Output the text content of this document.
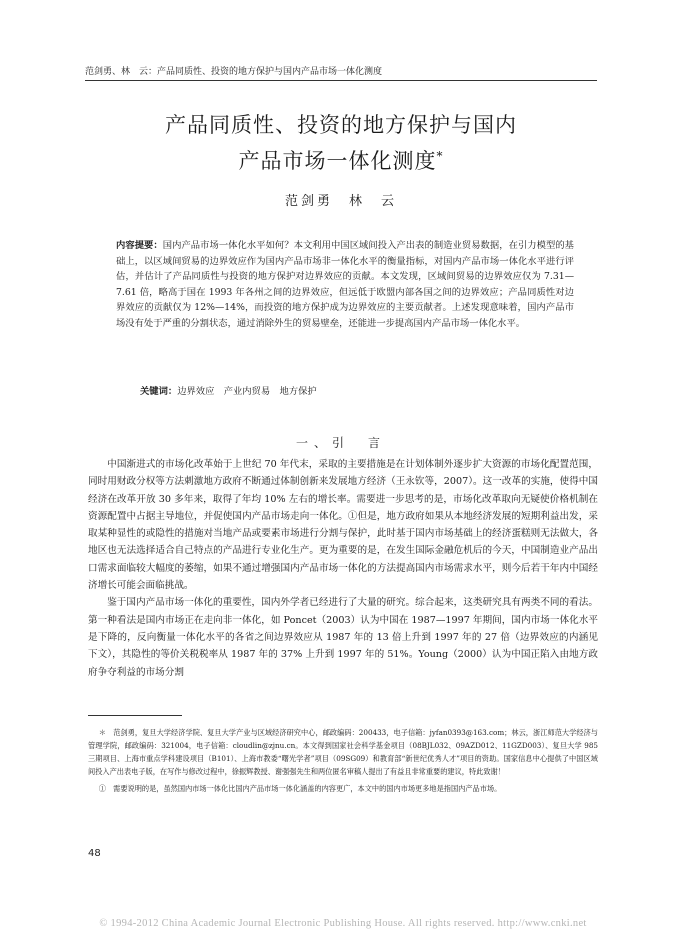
范剑勇、林　云：产品同质性、投资的地方保护与国内产品市场一体化测度
产品同质性、投资的地方保护与国内
产品市场一体化测度*
范剑勇　林　云
内容提要：国内产品市场一体化水平如何？本文利用中国区域间投入产出表的制造业贸易数据，在引力模型的基础上，以区域间贸易的边界效应作为国内产品市场非一体化水平的衡量指标，对国内产品市场一体化水平进行评估，并估计了产品同质性与投资的地方保护对边界效应的贡献。本文发现，区域间贸易的边界效应仅为 7.31—7.61 倍，略高于国在 1993 年各州之间的边界效应，但远低于欧盟内部各国之间的边界效应；产品同质性对边界效应的贡献仅为 12%—14%，而投资的地方保护成为边界效应的主要贡献者。上述发现意味着，国内产品市场没有处于严重的分割状态，通过消除外生的贸易壁垒，还能进一步提高国内产品市场一体化水平。
关键词：边界效应　产业内贸易　地方保护
一、引　言

中国渐进式的市场化改革始于上世纪 70 年代末，采取的主要措施是在计划体制外逐步扩大资源的市场化配置范围，同时用财政分权等方法刺激地方政府不断通过体制创新来发展地方经济（王永钦等，2007）。这一改革的实施，使得中国经济在改革开放 30 多年来，取得了年均 10% 左右的增长率。需要进一步思考的是，市场化改革取向无疑使价格机制在资源配置中占据主导地位，并促使国内产品市场走向一体化。①但是，地方政府如果从本地经济发展的短期利益出发，采取某种显性的或隐性的措施对当地产品或要素市场进行分割与保护，此时基于国内市场基础上的经济蛋糕则无法做大，各地区也无法选择适合自己特点的产品进行专业化生产。更为重要的是，在发生国际金融危机后的今天，中国制造业产品出口需求面临较大幅度的萎缩，如果不通过增强国内产品市场一体化的方法提高国内市场需求水平，则今后若干年内中国经济增长可能会面临挑战。

鉴于国内产品市场一体化的重要性，国内外学者已经进行了大量的研究。综合起来，这类研究具有两类不同的看法。第一种看法是国内市场正在走向非一体化，如 Poncet（2003）认为中国在 1987—1997 年期间，国内市场一体化水平是下降的，反向衡量一体化水平的各省之间边界效应从 1987 年的 13 倍上升到 1997 年的 27 倍（边界效应的内涵见下文），其隐性的等价关税税率从 1987 年的 37% 上升到 1997 年的 51%。Young（2000）认为中国正陷入由地方政府争夺利益的市场分割

＊　范剑勇，复旦大学经济学院、复旦大学产业与区域经济研究中心，邮政编码：200433，电子信箱：jyfan0393@163.com；林云，浙江师范大学经济与管理学院，邮政编码：321004，电子信箱：cloudlin@zjnu.cn。本文得到国家社会科学基金项目（08BJL032、09AZD012、11GZD003）、复旦大学 985 三期项目、上海市重点学科建设项目（B101）、上海市教委“曙光学者”项目（09SG09）和教育部“新世纪优秀人才”项目的资助。国家信息中心提供了中国区域间投入产出表电子版，在写作与修改过程中，徐振辉教授、谢强强先生和两位匿名审稿人提出了有益且非常重要的建议，特此致谢！

①　需要说明的是，虽然国内市场一体化比国内产品市场一体化涵盖的内容更广，本文中的国内市场更多地是指国内产品市场。

48
© 1994-2012 China Academic Journal Electronic Publishing House. All rights reserved. http://www.cnki.net
